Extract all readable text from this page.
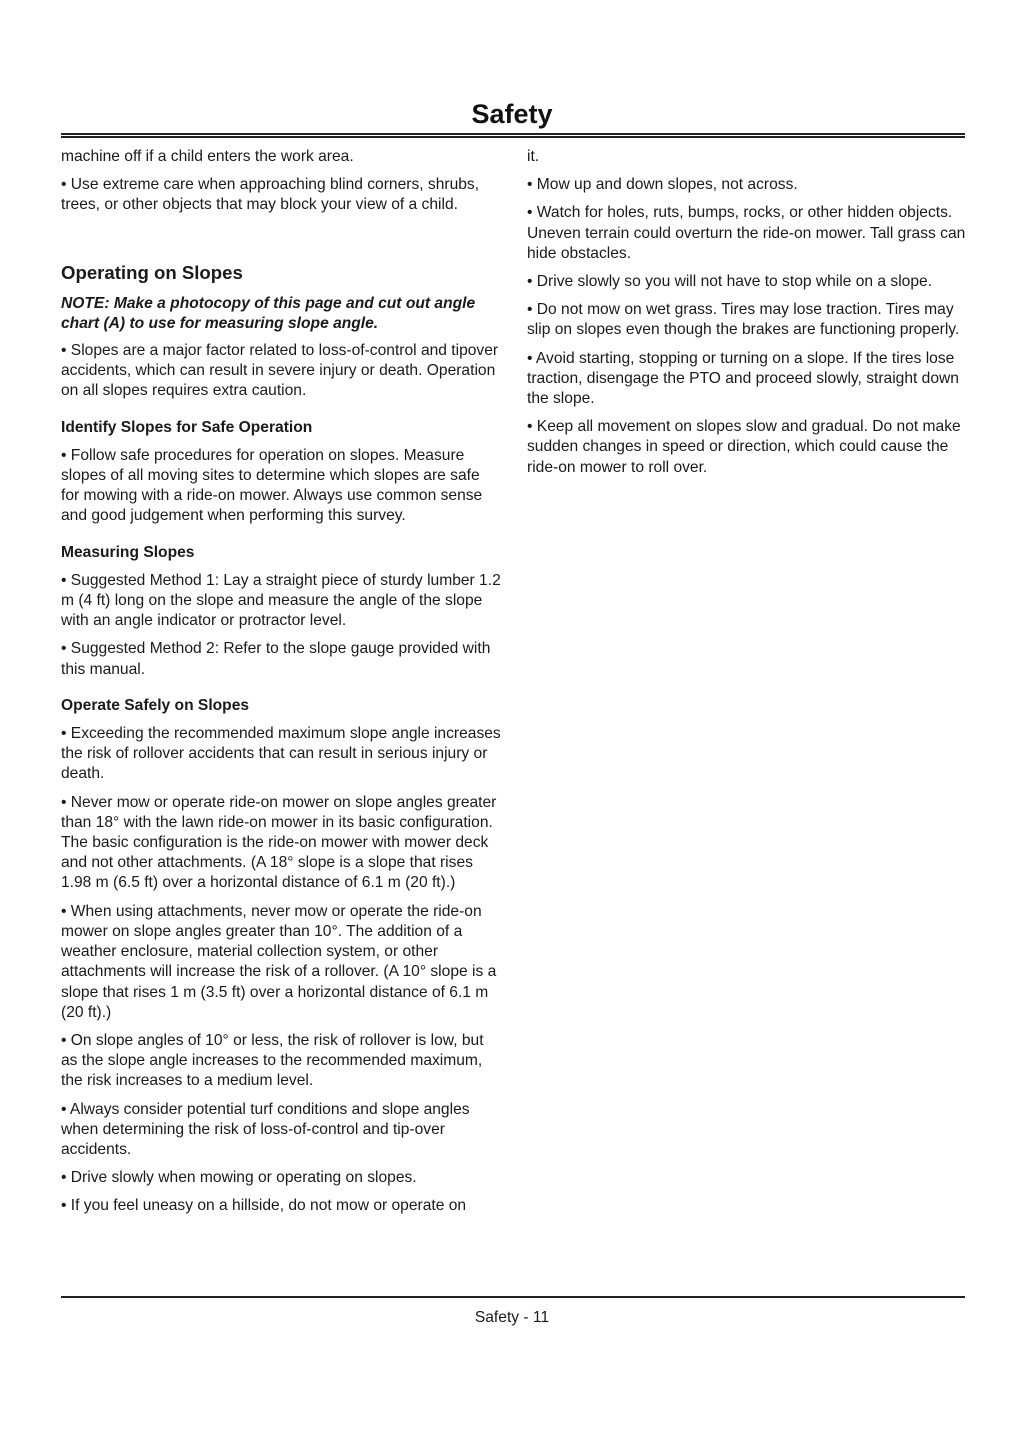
Safety

machine off if a child enters the work area.

• Use extreme care when approaching blind corners, shrubs, trees, or other objects that may block your view of a child.

Operating on Slopes

NOTE: Make a photocopy of this page and cut out angle chart (A) to use for measuring slope angle.

• Slopes are a major factor related to loss-of-control and tipover accidents, which can result in severe injury or death. Operation on all slopes requires extra caution.

Identify Slopes for Safe Operation

• Follow safe procedures for operation on slopes. Measure slopes of all moving sites to determine which slopes are safe for mowing with a ride-on mower. Always use common sense and good judgement when performing this survey.

Measuring Slopes

• Suggested Method 1: Lay a straight piece of sturdy lumber 1.2 m (4 ft) long on the slope and measure the angle of the slope with an angle indicator or protractor level.

• Suggested Method 2: Refer to the slope gauge provided with this manual.

Operate Safely on Slopes

• Exceeding the recommended maximum slope angle increases the risk of rollover accidents that can result in serious injury or death.

• Never mow or operate ride-on mower on slope angles greater than 18° with the lawn ride-on mower in its basic configuration. The basic configuration is the ride-on mower with mower deck and not other attachments. (A 18° slope is a slope that rises 1.98 m (6.5 ft) over a horizontal distance of 6.1 m (20 ft).)

• When using attachments, never mow or operate the ride-on mower on slope angles greater than 10°. The addition of a weather enclosure, material collection system, or other attachments will increase the risk of a rollover. (A 10° slope is a slope that rises 1 m (3.5 ft) over a horizontal distance of 6.1 m (20 ft).)

• On slope angles of 10° or less, the risk of rollover is low, but as the slope angle increases to the recommended maximum, the risk increases to a medium level.

• Always consider potential turf conditions and slope angles when determining the risk of loss-of-control and tip-over accidents.

• Drive slowly when mowing or operating on slopes.

• If you feel uneasy on a hillside, do not mow or operate on

it.

• Mow up and down slopes, not across.

• Watch for holes, ruts, bumps, rocks, or other hidden objects. Uneven terrain could overturn the ride-on mower. Tall grass can hide obstacles.

• Drive slowly so you will not have to stop while on a slope.

• Do not mow on wet grass. Tires may lose traction. Tires may slip on slopes even though the brakes are functioning properly.

• Avoid starting, stopping or turning on a slope. If the tires lose traction, disengage the PTO and proceed slowly, straight down the slope.

• Keep all movement on slopes slow and gradual. Do not make sudden changes in speed or direction, which could cause the ride-on mower to roll over.

Safety - 11
